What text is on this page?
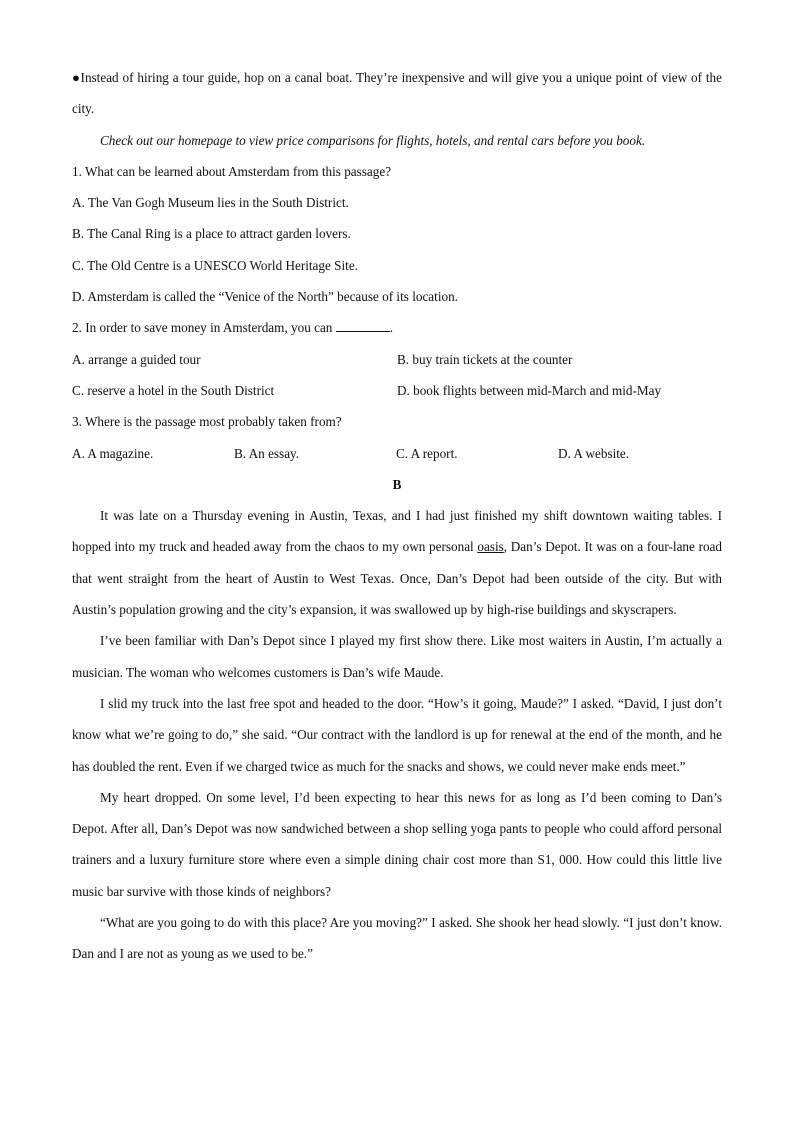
●Instead of hiring a tour guide, hop on a canal boat. They’re inexpensive and will give you a unique point of view of the city.

Check out our homepage to view price comparisons for flights, hotels, and rental cars before you book.

1. What can be learned about Amsterdam from this passage?

A. The Van Gogh Museum lies in the South District.

B. The Canal Ring is a place to attract garden lovers.

C. The Old Centre is a UNESCO World Heritage Site.

D. Amsterdam is called the “Venice of the North” because of its location.

2. In order to save money in Amsterdam, you can	.

A. arrange a guided tour	B. buy train tickets at the counter
C. reserve a hotel in the South District	D. book flights between mid-March and mid-May

3. Where is the passage most probably taken from?

A. A magazine.	B. An essay.	C. A report.	D. A website.

B

It was late on a Thursday evening in Austin, Texas, and I had just finished my shift downtown waiting tables. I hopped into my truck and headed away from the chaos to my own personal oasis, Dan’s Depot. It was on a four-lane road that went straight from the heart of Austin to West Texas. Once, Dan’s Depot had been outside of the city. But with Austin’s population growing and the city’s expansion, it was swallowed up by high-rise buildings and skyscrapers.

I’ve been familiar with Dan’s Depot since I played my first show there. Like most waiters in Austin, I’m actually a musician. The woman who welcomes customers is Dan’s wife Maude.

I slid my truck into the last free spot and headed to the door. “How’s it going, Maude?” I asked. “David, I just don’t know what we’re going to do,” she said. “Our contract with the landlord is up for renewal at the end of the month, and he has doubled the rent. Even if we charged twice as much for the snacks and shows, we could never make ends meet.”

My heart dropped. On some level, I’d been expecting to hear this news for as long as I’d been coming to Dan’s Depot. After all, Dan’s Depot was now sandwiched between a shop selling yoga pants to people who could afford personal trainers and a luxury furniture store where even a simple dining chair cost more than S1, 000. How could this little live music bar survive with those kinds of neighbors?

“What are you going to do with this place? Are you moving?” I asked. She shook her head slowly. “I just don’t know. Dan and I are not as young as we used to be.”
